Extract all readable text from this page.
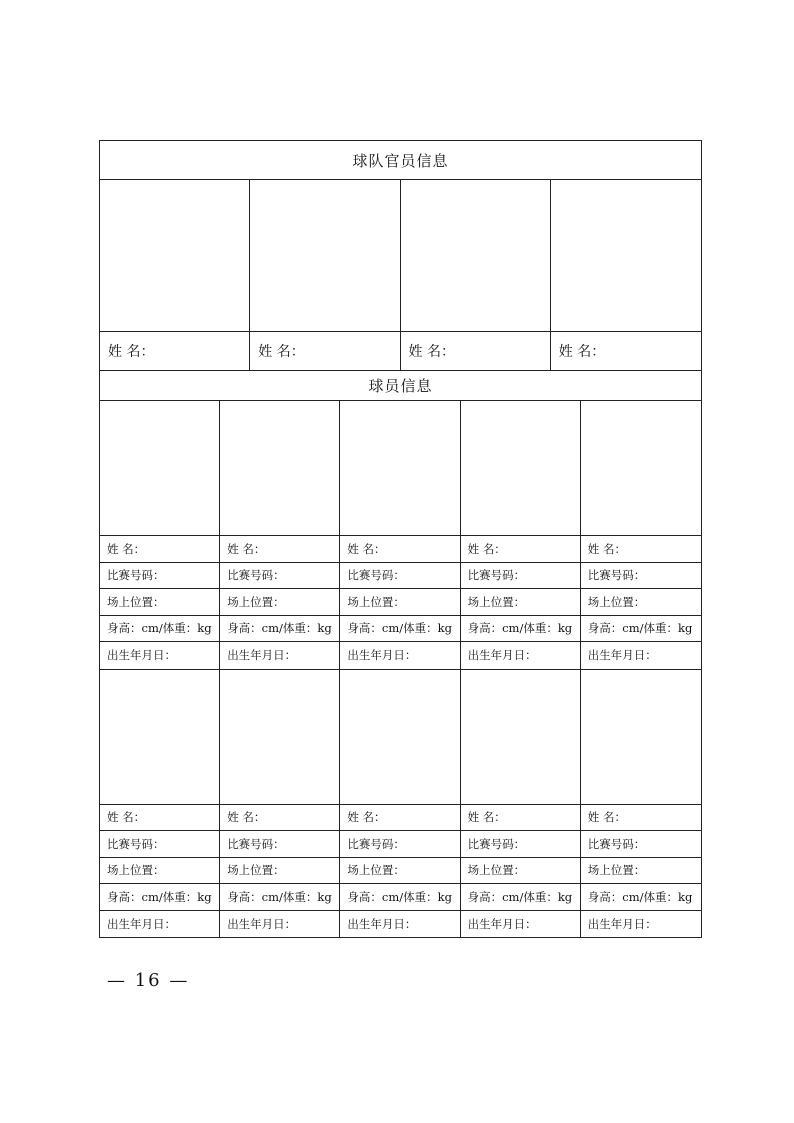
球队官员信息
姓 名：	姓 名：	姓 名：	姓 名：
球员信息
姓 名：	姓 名：	姓 名：	姓 名：	姓 名：
比赛号码：	比赛号码：	比赛号码：	比赛号码：	比赛号码：
场上位置：	场上位置：	场上位置：	场上位置：	场上位置：
身高：cm/体重：kg	身高：cm/体重：kg	身高：cm/体重：kg	身高：cm/体重：kg	身高：cm/体重：kg
出生年月日：	出生年月日：	出生年月日：	出生年月日：	出生年月日：
姓 名：	姓 名：	姓 名：	姓 名：	姓 名：
比赛号码：	比赛号码：	比赛号码：	比赛号码：	比赛号码：
场上位置：	场上位置：	场上位置：	场上位置：	场上位置：
身高：cm/体重：kg	身高：cm/体重：kg	身高：cm/体重：kg	身高：cm/体重：kg	身高：cm/体重：kg
出生年月日：	出生年月日：	出生年月日：	出生年月日：	出生年月日：
— 16 —
